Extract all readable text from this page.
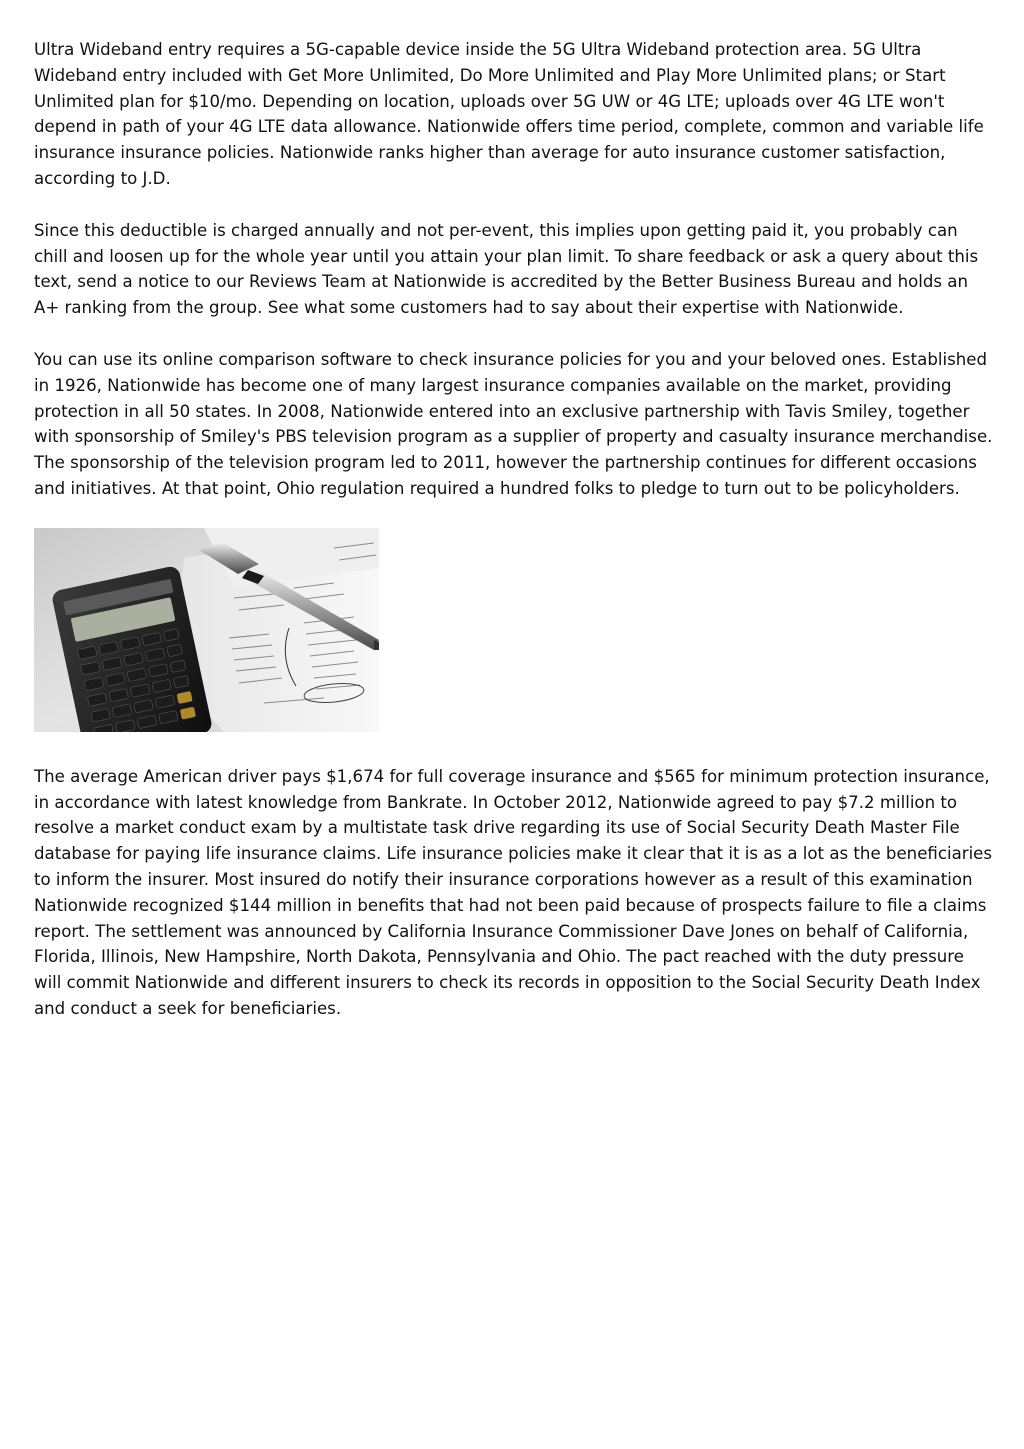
Ultra Wideband entry requires a 5G-capable device inside the 5G Ultra Wideband protection area. 5G Ultra Wideband entry included with Get More Unlimited, Do More Unlimited and Play More Unlimited plans; or Start Unlimited plan for $10/mo. Depending on location, uploads over 5G UW or 4G LTE; uploads over 4G LTE won't depend in path of your 4G LTE data allowance. Nationwide offers time period, complete, common and variable life insurance insurance policies. Nationwide ranks higher than average for auto insurance customer satisfaction, according to J.D.

Since this deductible is charged annually and not per-event, this implies upon getting paid it, you probably can chill and loosen up for the whole year until you attain your plan limit. To share feedback or ask a query about this text, send a notice to our Reviews Team at Nationwide is accredited by the Better Business Bureau and holds an A+ ranking from the group. See what some customers had to say about their expertise with Nationwide.

You can use its online comparison software to check insurance policies for you and your beloved ones. Established in 1926, Nationwide has become one of many largest insurance companies available on the market, providing protection in all 50 states. In 2008, Nationwide entered into an exclusive partnership with Tavis Smiley, together with sponsorship of Smiley's PBS television program as a supplier of property and casualty insurance merchandise. The sponsorship of the television program led to 2011, however the partnership continues for different occasions and initiatives. At that point, Ohio regulation required a hundred folks to pledge to turn out to be policyholders.

The average American driver pays $1,674 for full coverage insurance and $565 for minimum protection insurance, in accordance with latest knowledge from Bankrate. In October 2012, Nationwide agreed to pay $7.2 million to resolve a market conduct exam by a multistate task drive regarding its use of Social Security Death Master File database for paying life insurance claims. Life insurance policies make it clear that it is as a lot as the beneficiaries to inform the insurer. Most insured do notify their insurance corporations however as a result of this examination Nationwide recognized $144 million in benefits that had not been paid because of prospects failure to file a claims report. The settlement was announced by California Insurance Commissioner Dave Jones on behalf of California, Florida, Illinois, New Hampshire, North Dakota, Pennsylvania and Ohio. The pact reached with the duty pressure will commit Nationwide and different insurers to check its records in opposition to the Social Security Death Index and conduct a seek for beneficiaries.
